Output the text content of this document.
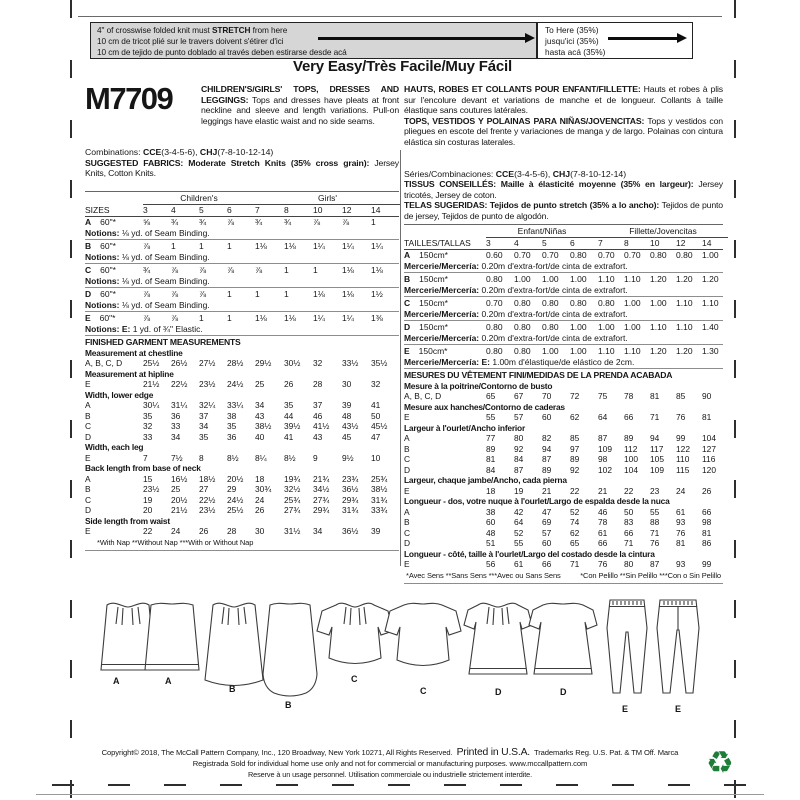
4" of crosswise folded knit must STRETCH from here
10 cm de tricot plié sur le travers doivent s'étirer d'ici
10 cm de tejido de punto doblado al través deben estirarse desde acá
To Here (35%)
jusqu'ici (35%)
hasta acá (35%)
Very Easy/Très Facile/Muy Fácil
M7709	CHILDREN'S/GIRLS' TOPS, DRESSES AND LEGGINGS: Tops and dresses have pleats at front neckline and sleeve and length variations. Pull-on leggings have elastic waist and no side seams.

Combinations: CCE(3-4-5-6), CHJ(7-8-10-12-14)

SUGGESTED FABRICS: Moderate Stretch Knits (35% cross grain): Jersey Knits, Cotton Knits.

Children's	Girls'
SIZES	3	4	5	6	7	8	10	12	14
A 60"*	⅝	¾	¾	⅞	¾	¾	⅞	⅞	1
Notions: ⅛ yd. of Seam Binding.
B 60"*	⅞	1	1	1	1⅛	1⅛	1¼	1¼	1¼
Notions: ⅛ yd. of Seam Binding.
C 60"*	¾	⅞	⅞	⅞	⅞	1	1	1⅛	1⅛
Notions: ⅛ yd. of Seam Binding.
D 60"*	⅞	⅞	⅞	1	1	1	1⅛	1⅛	1½
Notions: ⅛ yd. of Seam Binding.
E 60"*	⅞	⅞	1	1	1⅛	1⅛	1¼	1¼	1⅜
Notions: E: 1 yd. of ¾" Elastic.
FINISHED GARMENT MEASUREMENTS
Measurement at chestline
A, B, C, D	25½	26½	27½	28½	29½	30½	32	33½	35½
Measurement at hipline
E	21½	22½	23½	24½	25	26	28	30	32
Width, lower edge
A	30¼	31¼	32¼	33¼	34	35	37	39	41
B	35	36	37	38	43	44	46	48	50
C	32	33	34	35	38½	39½	41½	43½	45½
D	33	34	35	36	40	41	43	45	47
Width, each leg
E	7	7½	8	8½	8¼	8½	9	9½	10
Back length from base of neck
A	15	16½	18½	20½	18	19¾	21¾	23¾	25¾
B	23½	25	27	29	30¾	32½	34½	36½	38½
C	19	20½	22½	24½	24	25¾	27¾	29¾	31¾
D	20	21½	23½	25½	26	27¾	29¾	31¾	33¾
Side length from waist
E	22	24	26	28	30	31½	34	36½	39
*With Nap **Without Nap ***With or Without Nap

HAUTS, ROBES ET COLLANTS POUR ENFANT/FILLETTE: Hauts et robes à plis sur l'encolure devant et variations de manche et de longueur. Collants à taille élastique sans coutures latérales.

TOPS, VESTIDOS Y POLAINAS PARA NIÑAS/JOVENCITAS: Tops y vestidos con pliegues en escote del frente y variaciones de manga y de largo. Polainas con cintura elástica sin costuras laterales.

Séries/Combinaciones: CCE(3-4-5-6), CHJ(7-8-10-12-14)

TISSUS CONSEILLÉS: Maille à élasticité moyenne (35% en largeur): Jersey tricotés, Jersey de coton.

TELAS SUGERIDAS: Tejidos de punto stretch (35% a lo ancho): Tejidos de punto de jersey, Tejidos de punto de algodón.

Enfant/Niñas	Fillette/Jovencitas
TAILLES/TALLAS	3	4	5	6	7	8	10	12	14
A 150cm*	0.60	0.70	0.70	0.80	0.70	0.70	0.80	0.80	1.00
Mercerie/Mercería: 0.20m d'extra-fort/de cinta de extrafort.
B 150cm*	0.80	1.00	1.00	1.00	1.10	1.10	1.20	1.20	1.20
Mercerie/Mercería: 0.20m d'extra-fort/de cinta de extrafort.
C 150cm*	0.70	0.80	0.80	0.80	0.80	1.00	1.00	1.10	1.10
Mercerie/Mercería: 0.20m d'extra-fort/de cinta de extrafort.
D 150cm*	0.80	0.80	0.80	1.00	1.00	1.00	1.10	1.10	1.40
Mercerie/Mercería: 0.20m d'extra-fort/de cinta de extrafort.
E 150cm*	0.80	0.80	1.00	1.00	1.10	1.10	1.20	1.20	1.30
Mercerie/Mercería: E: 1.00m d'élastique/de elástico de 2cm.
MESURES DU VÊTEMENT FINI/MEDIDAS DE LA PRENDA ACABADA
Mesure à la poitrine/Contorno de busto
A, B, C, D	65	67	70	72	75	78	81	85	90
Mesure aux hanches/Contorno de caderas
E	55	57	60	62	64	66	71	76	81
Largeur à l'ourlet/Ancho inferior
A	77	80	82	85	87	89	94	99	104
B	89	92	94	97	109	112	117	122	127
C	81	84	87	89	98	100	105	110	116
D	84	87	89	92	102	104	109	115	120
Largeur, chaque jambe/Ancho, cada pierna
E	18	19	21	22	21	22	23	24	26
Longueur - dos, votre nuque à l'ourlet/Largo de espalda desde la nuca
A	38	42	47	52	46	50	55	61	66
B	60	64	69	74	78	83	88	93	98
C	48	52	57	62	61	66	71	76	81
D	51	55	60	65	66	71	76	81	86
Longueur - côté, taille à l'ourlet/Largo del costado desde la cintura
E	56	61	66	71	76	80	87	93	99
*Avec Sens **Sans Sens ***Avec ou Sans Sens	*Con Pelillo **Sin Pelillo ***Con o Sin Pelillo
A	A
B
B
C
C	D	D
E	E
Copyright© 2018, The McCall Pattern Company, Inc., 120 Broadway, New York 10271, All Rights Reserved. Printed in U.S.A. Trademarks Reg. U.S. Pat. & TM Off. Marca
Registrada Sold for individual home use only and not for commercial or manufacturing purposes. www.mccallpattern.com
Reserve à un usage personnel. Utilisation commerciale ou industrielle strictement interdite.	♻
